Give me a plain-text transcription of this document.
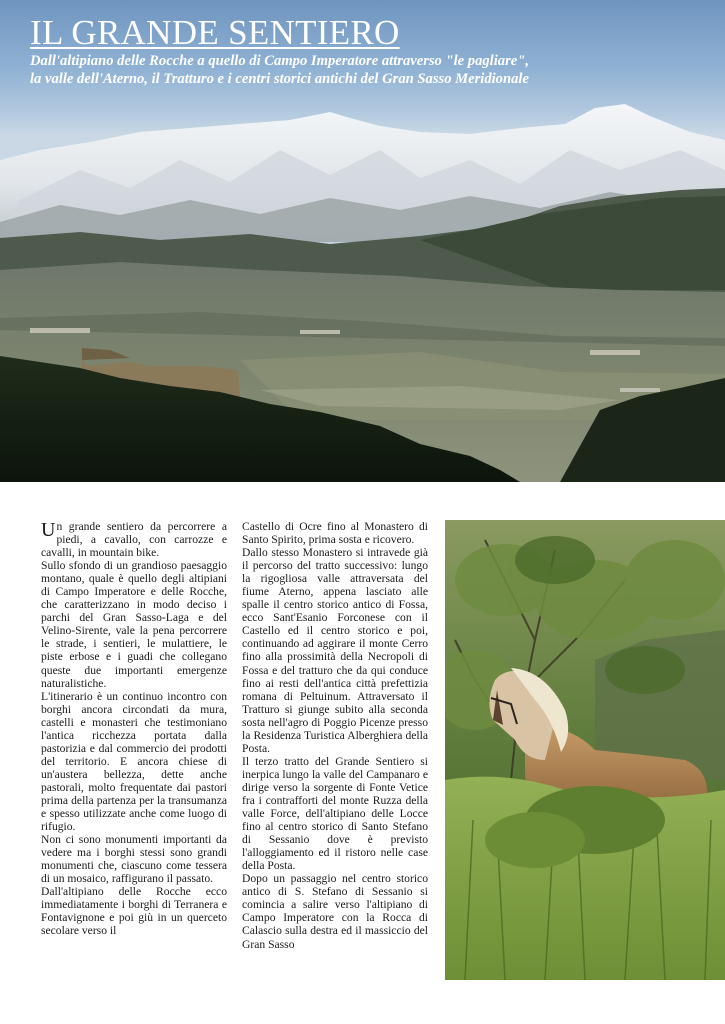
IL GRANDE SENTIERO

Dall'altipiano delle Rocche a quello di Campo Imperatore attraverso "le pagliare",
la valle dell'Aterno, il Tratturo e i centri storici antichi del Gran Sasso Meridionale

Un grande sentiero da percorrere a piedi, a cavallo, con carrozze e cavalli, in mountain bike.

Sullo sfondo di un grandioso paesaggio montano, quale è quello degli altipiani di Campo Imperatore e delle Rocche, che caratterizzano in modo deciso i parchi del Gran Sasso-Laga e del Velino-Sirente, vale la pena percorrere le strade, i sentieri, le mulattiere, le piste erbose e i guadi che collegano queste due importanti emergenze naturalistiche.

L'itinerario è un continuo incontro con borghi ancora circondati da mura, castelli e monasteri che testimoniano l'antica ricchezza portata dalla pastorizia e dal commercio dei prodotti del territorio. E ancora chiese di un'austera bellezza, dette anche pastorali, molto frequentate dai pastori prima della partenza per la transumanza e spesso utilizzate anche come luogo di rifugio.

Non ci sono monumenti importanti da vedere ma i borghi stessi sono grandi monumenti che, ciascuno come tessera di un mosaico, raffigurano il passato.

Dall'altipiano delle Rocche ecco immediatamente i borghi di Terranera e Fontavignone e poi giù in un querceto secolare verso il

Castello di Ocre fino al Monastero di Santo Spirito, prima sosta e ricovero.

Dallo stesso Monastero si intravede già il percorso del tratto successivo: lungo la rigogliosa valle attraversata del fiume Aterno, appena lasciato alle spalle il centro storico antico di Fossa, ecco Sant'Esanio Forconese con il Castello ed il centro storico e poi, continuando ad aggirare il monte Cerro fino alla prossimità della Necropoli di Fossa e del tratturo che da qui conduce fino ai resti dell'antica città prefettizia romana di Peltuinum. Attraversato il Tratturo si giunge subito alla seconda sosta nell'agro di Poggio Picenze presso la Residenza Turistica Alberghiera della Posta.

Il terzo tratto del Grande Sentiero si inerpica lungo la valle del Campanaro e dirige verso la sorgente di Fonte Vetice fra i contrafforti del monte Ruzza della valle Force, dell'altipiano delle Locce fino al centro storico di Santo Stefano di Sessanio dove è previsto l'alloggiamento ed il ristoro nelle case della Posta.

Dopo un passaggio nel centro storico antico di S. Stefano di Sessanio si comincia a salire verso l'altipiano di Campo Imperatore con la Rocca di Calascio sulla destra ed il massiccio del Gran Sasso
